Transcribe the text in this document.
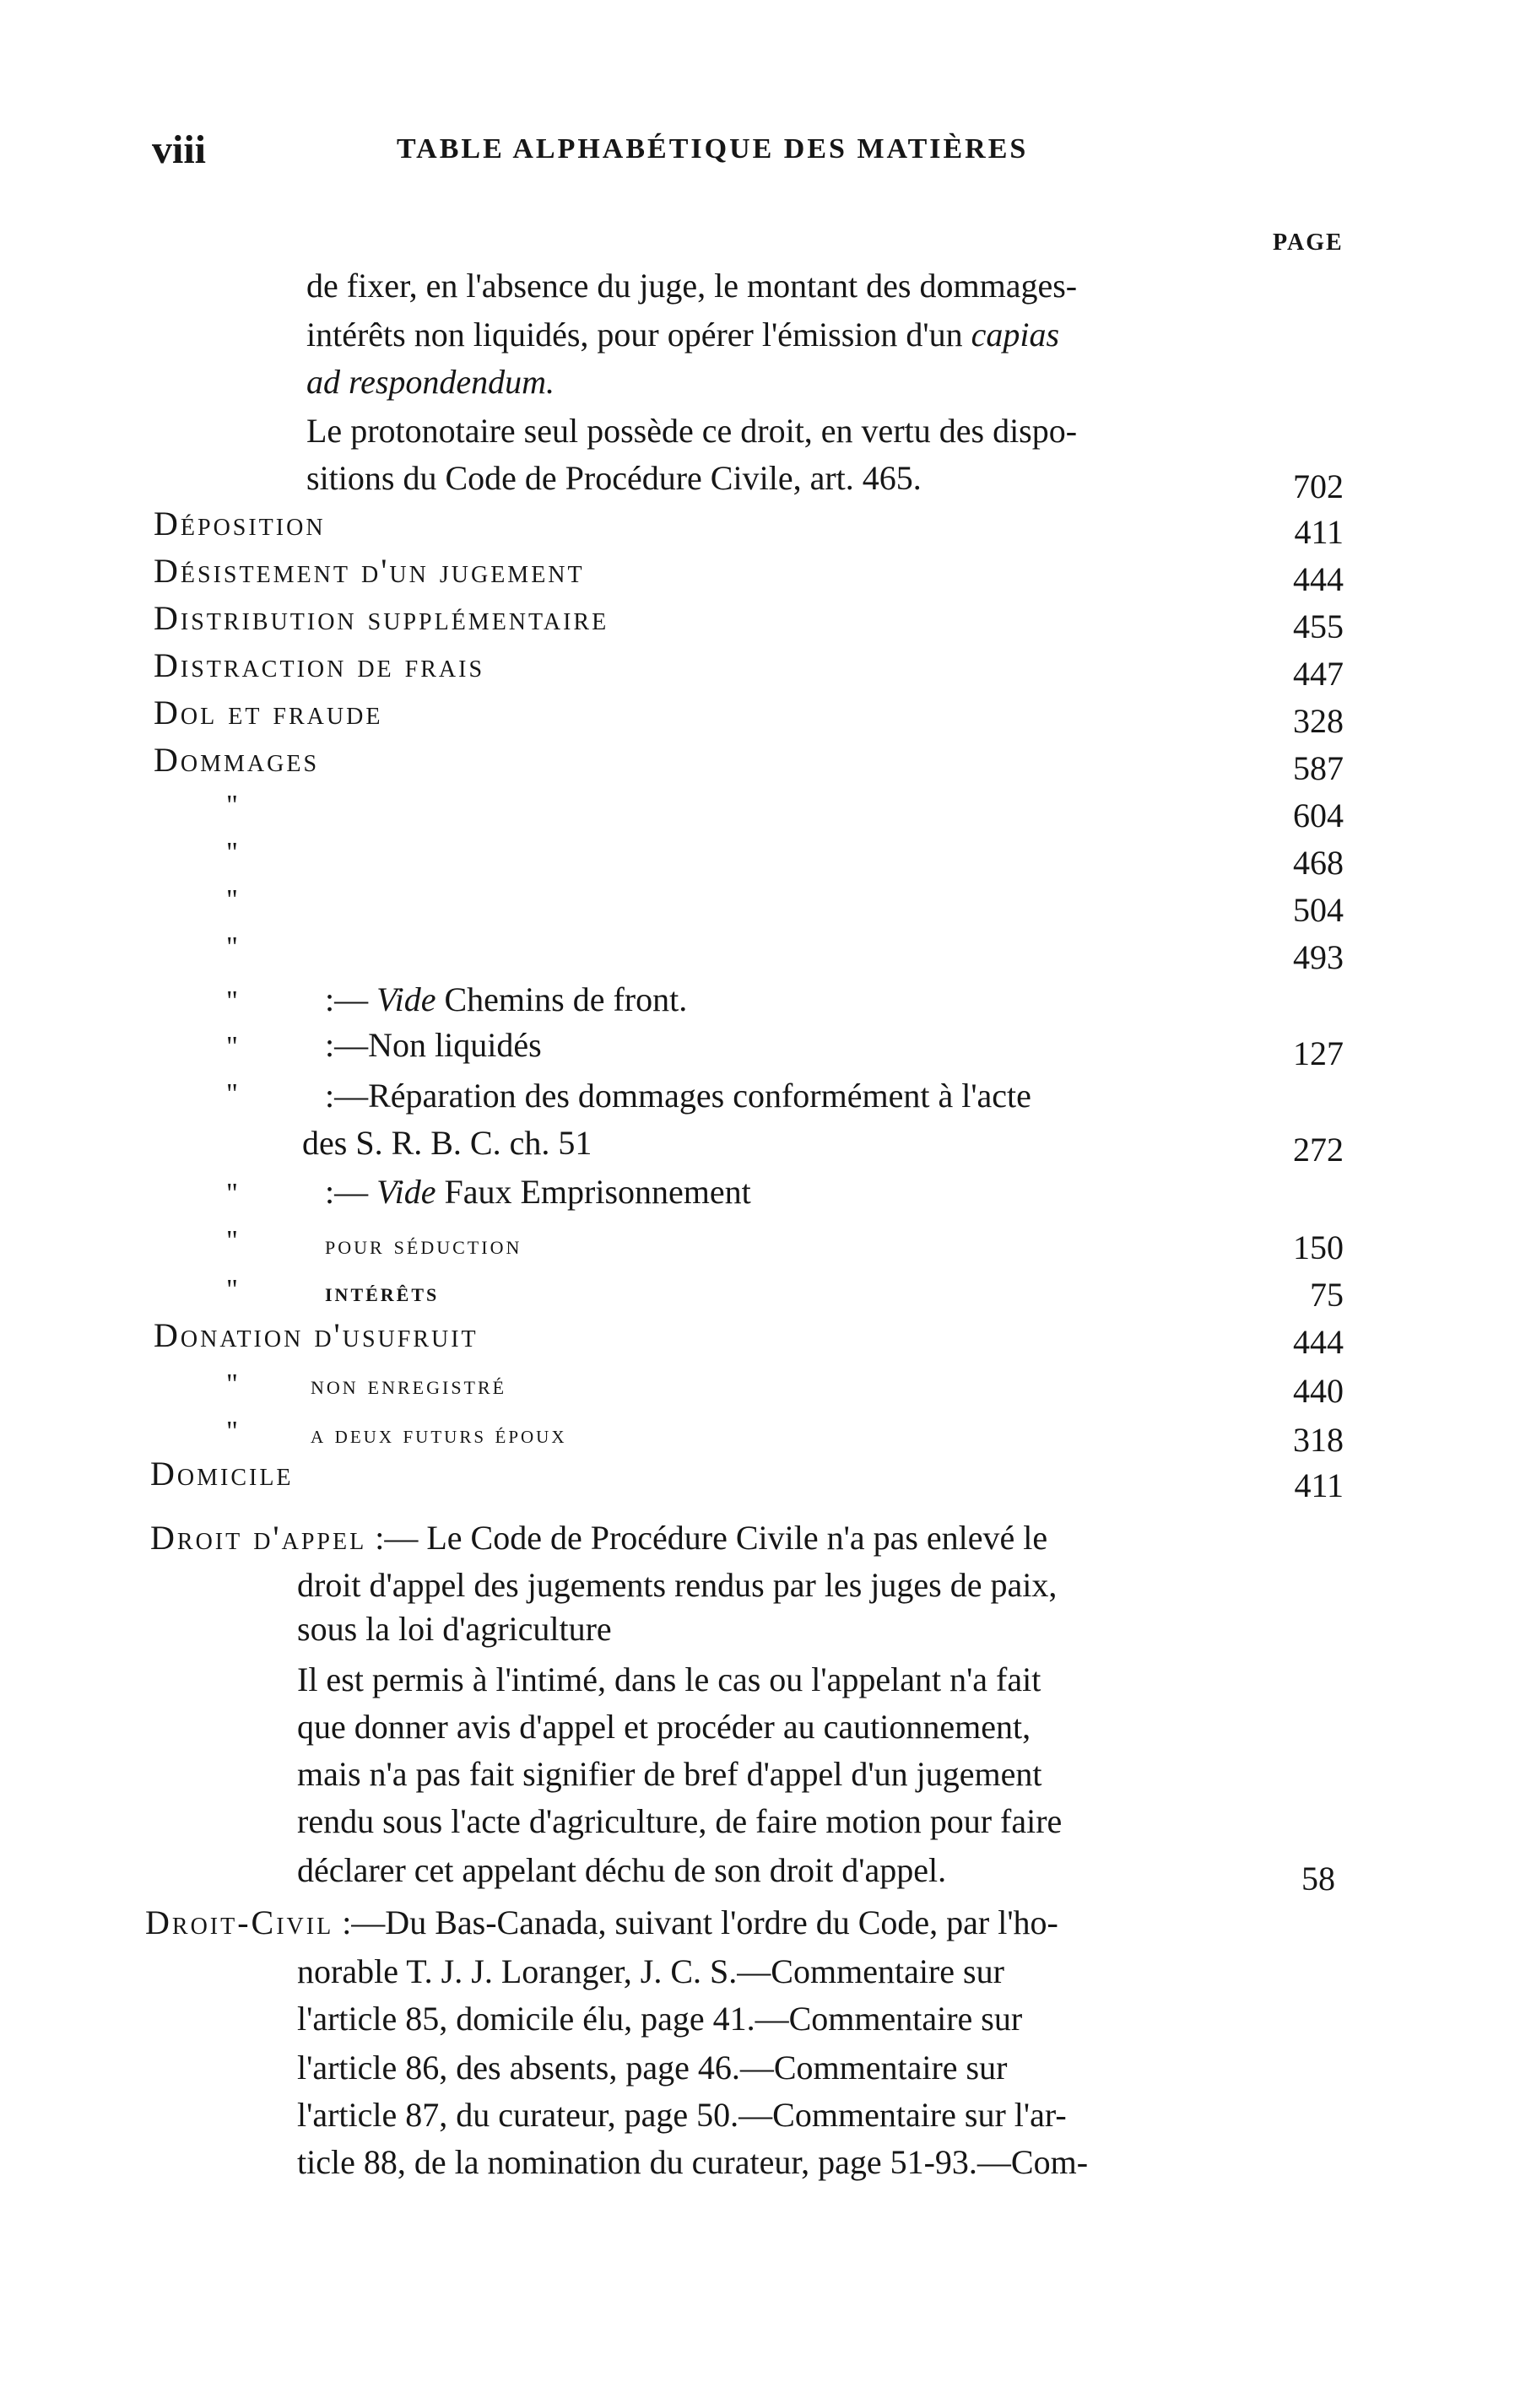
viii	TABLE ALPHABÉTIQUE DES MATIÈRES
PAGE
de fixer, en l'absence du juge, le montant des dommages-
intérêts non liquidés, pour opérer l'émission d'un capias
ad respondendum.
Le protonotaire seul possède ce droit, en vertu des dispo-
sitions du Code de Procédure Civile, art. 465.	702
Déposition	411
Désistement d'un jugement	444
Distribution supplémentaire	455
Distraction de frais	447
Dol et fraude	328
Dommages	587
"	604
"	468
"	504
"	493
"	:— Vide Chemins de front.
"	:—Non liquidés	127
"	:—Réparation des dommages conformément à l'acte
des S. R. B. C. ch. 51	272
"	:— Vide Faux Emprisonnement
"	pour séduction	150
"	intérêts	75
Donation d'usufruit	444
"	non enregistré	440
"	a deux futurs époux	318
Domicile	411
Droit d'appel :— Le Code de Procédure Civile n'a pas enlevé le
droit d'appel des jugements rendus par les juges de paix,
sous la loi d'agriculture
Il est permis à l'intimé, dans le cas ou l'appelant n'a fait
que donner avis d'appel et procéder au cautionnement,
mais n'a pas fait signifier de bref d'appel d'un jugement
rendu sous l'acte d'agriculture, de faire motion pour faire
déclarer cet appelant déchu de son droit d'appel.	58
Droit-Civil :—Du Bas-Canada, suivant l'ordre du Code, par l'ho-
norable T. J. J. Loranger, J. C. S.—Commentaire sur
l'article 85, domicile élu, page 41.—Commentaire sur
l'article 86, des absents, page 46.—Commentaire sur
l'article 87, du curateur, page 50.—Commentaire sur l'ar-
ticle 88, de la nomination du curateur, page 51-93.—Com-
